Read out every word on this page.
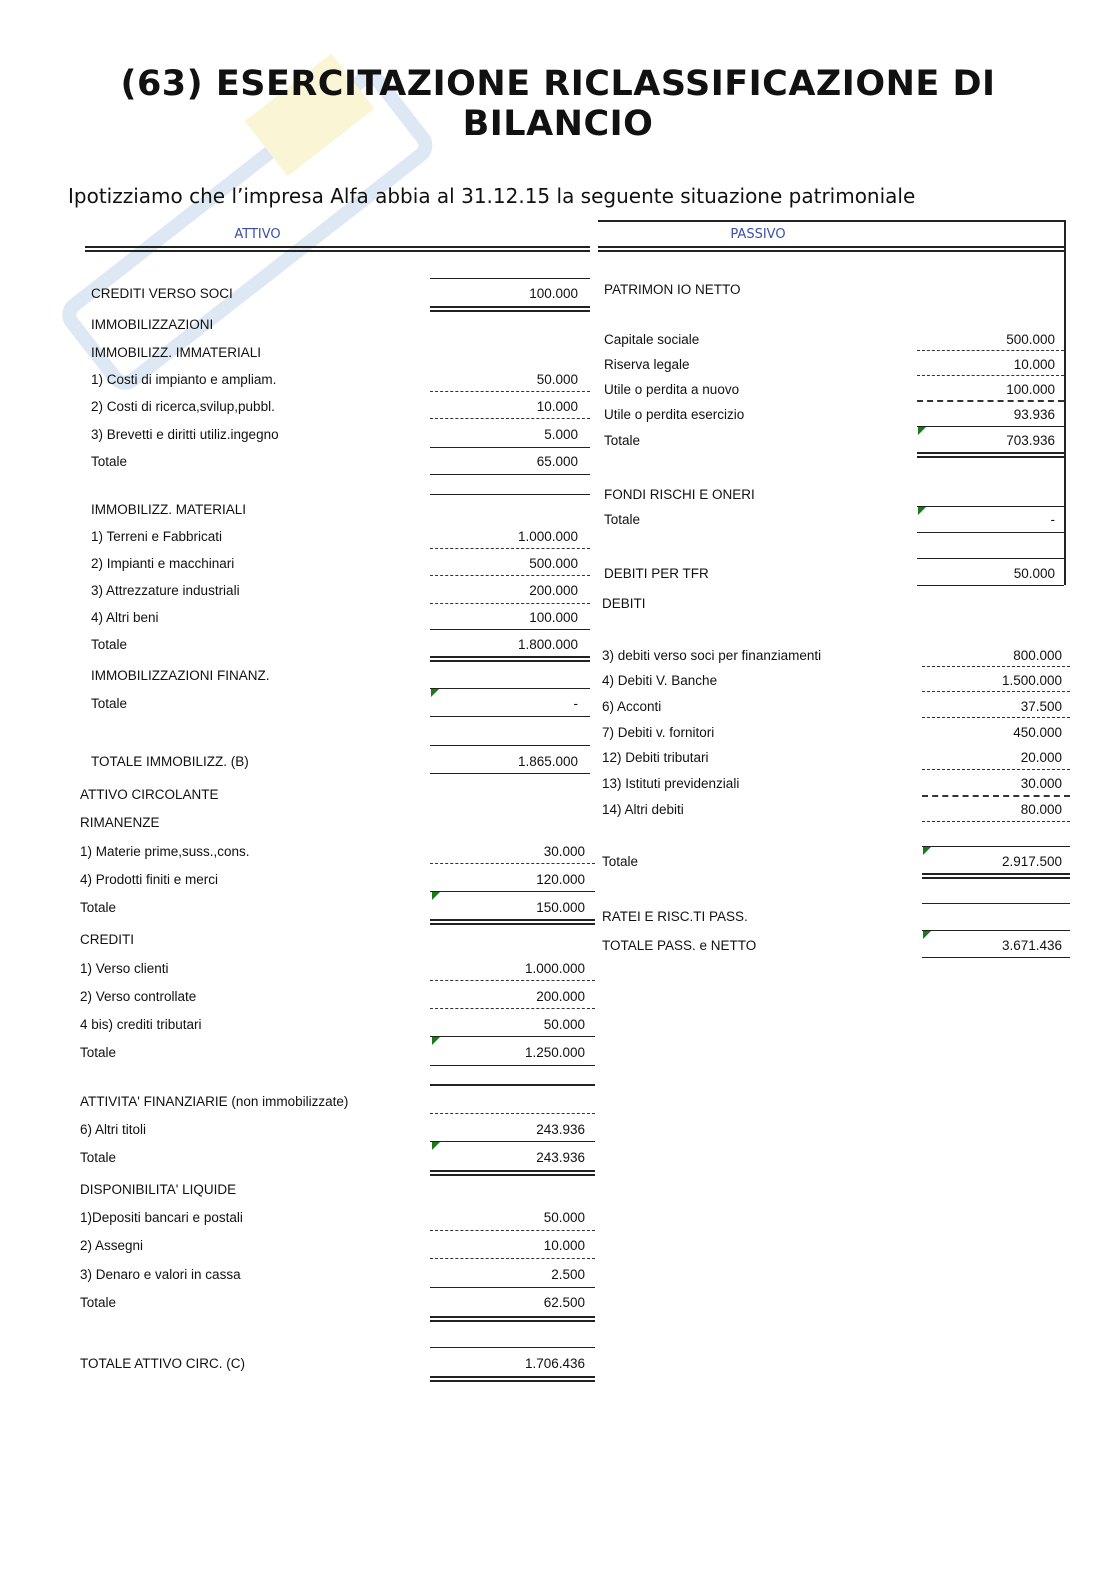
(63) ESERCITAZIONE RICLASSIFICAZIONE DI
BILANCIO
Ipotizziamo che l’impresa Alfa abbia al 31.12.15 la seguente situazione patrimoniale
ATTIVO	PASSIVO
CREDITI VERSO SOCI	100.000
IMMOBILIZZAZIONI
IMMOBILIZZ. IMMATERIALI
1) Costi di impianto e ampliam.	50.000
2) Costi di ricerca,svilup,pubbl.	10.000
3) Brevetti e diritti utiliz.ingegno	5.000
Totale	65.000
IMMOBILIZZ. MATERIALI
1) Terreni e Fabbricati	1.000.000
2) Impianti e macchinari	500.000
3) Attrezzature industriali	200.000
4) Altri beni	100.000
Totale	1.800.000
IMMOBILIZZAZIONI FINANZ.
Totale	-
TOTALE IMMOBILIZZ. (B)	1.865.000
ATTIVO CIRCOLANTE
RIMANENZE
1) Materie prime,suss.,cons.	30.000
4) Prodotti finiti e merci	120.000
Totale	150.000
CREDITI
1) Verso clienti	1.000.000
2) Verso controllate	200.000
4 bis) crediti tributari	50.000
Totale	1.250.000
ATTIVITA' FINANZIARIE (non immobilizzate)
6) Altri titoli	243.936
Totale	243.936
DISPONIBILITA' LIQUIDE
1)Depositi bancari e postali	50.000
2) Assegni	10.000
3) Denaro e valori in cassa	2.500
Totale	62.500
TOTALE ATTIVO CIRC. (C)	1.706.436
PATRIMON IO NETTO
Capitale sociale	500.000
Riserva legale	10.000
Utile o perdita a nuovo	100.000
Utile o perdita esercizio	93.936
Totale	703.936
FONDI RISCHI E ONERI
Totale	-
DEBITI PER TFR	50.000
DEBITI
3) debiti verso soci per finanziamenti	800.000
4) Debiti V. Banche	1.500.000
6) Acconti	37.500
7) Debiti v. fornitori	450.000
12) Debiti tributari	20.000
13) Istituti previdenziali	30.000
14) Altri debiti	80.000
Totale	2.917.500
RATEI E RISC.TI PASS.
TOTALE PASS. e NETTO	3.671.436
